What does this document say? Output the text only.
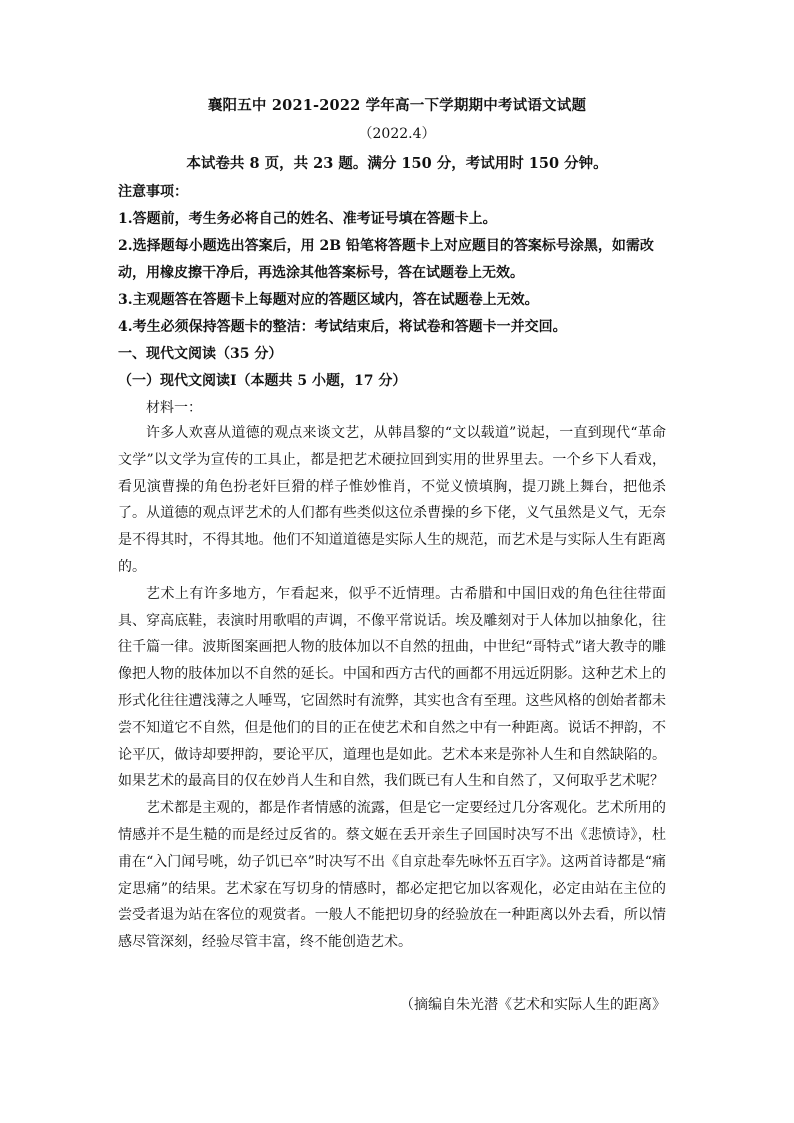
襄阳五中 2021-2022 学年高一下学期期中考试语文试题
（2022.4）
本试卷共 8 页，共 23 题。满分 150 分，考试用时 150 分钟。
注意事项：
1.答题前，考生务必将自己的姓名、准考证号填在答题卡上。
2.选择题每小题选出答案后，用 2B 铅笔将答题卡上对应题目的答案标号涂黑，如需改
动，用橡皮擦干净后，再选涂其他答案标号，答在试题卷上无效。
3.主观题答在答题卡上每题对应的答题区域内，答在试题卷上无效。
4.考生必须保持答题卡的整洁：考试结束后，将试卷和答题卡一并交回。
一、现代文阅读（35 分）
（一）现代文阅读Ⅰ（本题共 5 小题，17 分）
材料一：

许多人欢喜从道德的观点来谈文艺，从韩昌黎的“文以载道”说起，一直到现代“革命文学”以文学为宣传的工具止，都是把艺术硬拉回到实用的世界里去。一个乡下人看戏，看见演曹操的角色扮老奸巨猾的样子惟妙惟肖，不觉义愤填胸，提刀跳上舞台，把他杀了。从道德的观点评艺术的人们都有些类似这位杀曹操的乡下佬，义气虽然是义气，无奈是不得其时，不得其地。他们不知道道德是实际人生的规范，而艺术是与实际人生有距离的。

艺术上有许多地方，乍看起来，似乎不近情理。古希腊和中国旧戏的角色往往带面具、穿高底鞋，表演时用歌唱的声调，不像平常说话。埃及雕刻对于人体加以抽象化，往往千篇一律。波斯图案画把人物的肢体加以不自然的扭曲，中世纪“哥特式”诸大教寺的雕像把人物的肢体加以不自然的延长。中国和西方古代的画都不用远近阴影。这种艺术上的形式化往往遭浅薄之人唾骂，它固然时有流弊，其实也含有至理。这些风格的创始者都未尝不知道它不自然，但是他们的目的正在使艺术和自然之中有一种距离。说话不押韵，不论平仄，做诗却要押韵，要论平仄，道理也是如此。艺术本来是弥补人生和自然缺陷的。如果艺术的最高目的仅在妙肖人生和自然，我们既已有人生和自然了，又何取乎艺术呢？

艺术都是主观的，都是作者情感的流露，但是它一定要经过几分客观化。艺术所用的情感并不是生糙的而是经过反省的。蔡文姬在丢开亲生子回国时决写不出《悲愤诗》，杜甫在“入门闻号咷，幼子饥已卒”时决写不出《自京赴奉先咏怀五百字》。这两首诗都是“痛定思痛”的结果。艺术家在写切身的情感时，都必定把它加以客观化，必定由站在主位的尝受者退为站在客位的观赏者。一般人不能把切身的经验放在一种距离以外去看，所以情感尽管深刻，经验尽管丰富，终不能创造艺术。

（摘编自朱光潜《艺术和实际人生的距离》
